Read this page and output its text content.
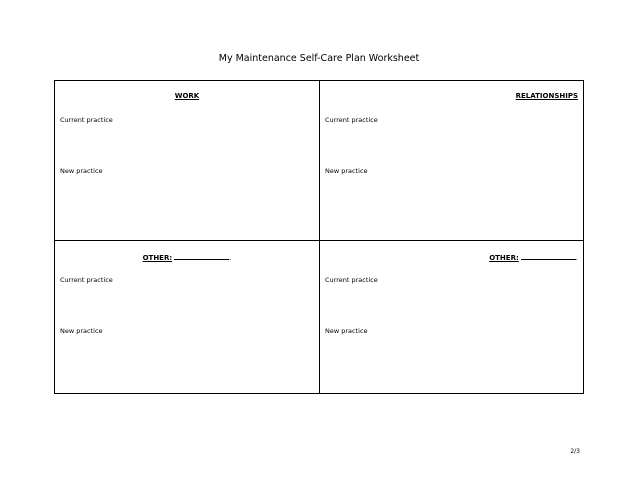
My Maintenance Self-Care Plan Worksheet
WORK
Current practice
New practice
RELATIONSHIPS
Current practice
New practice
OTHER:	.
Current practice
New practice
OTHER:	.
Current practice
New practice
2/3
